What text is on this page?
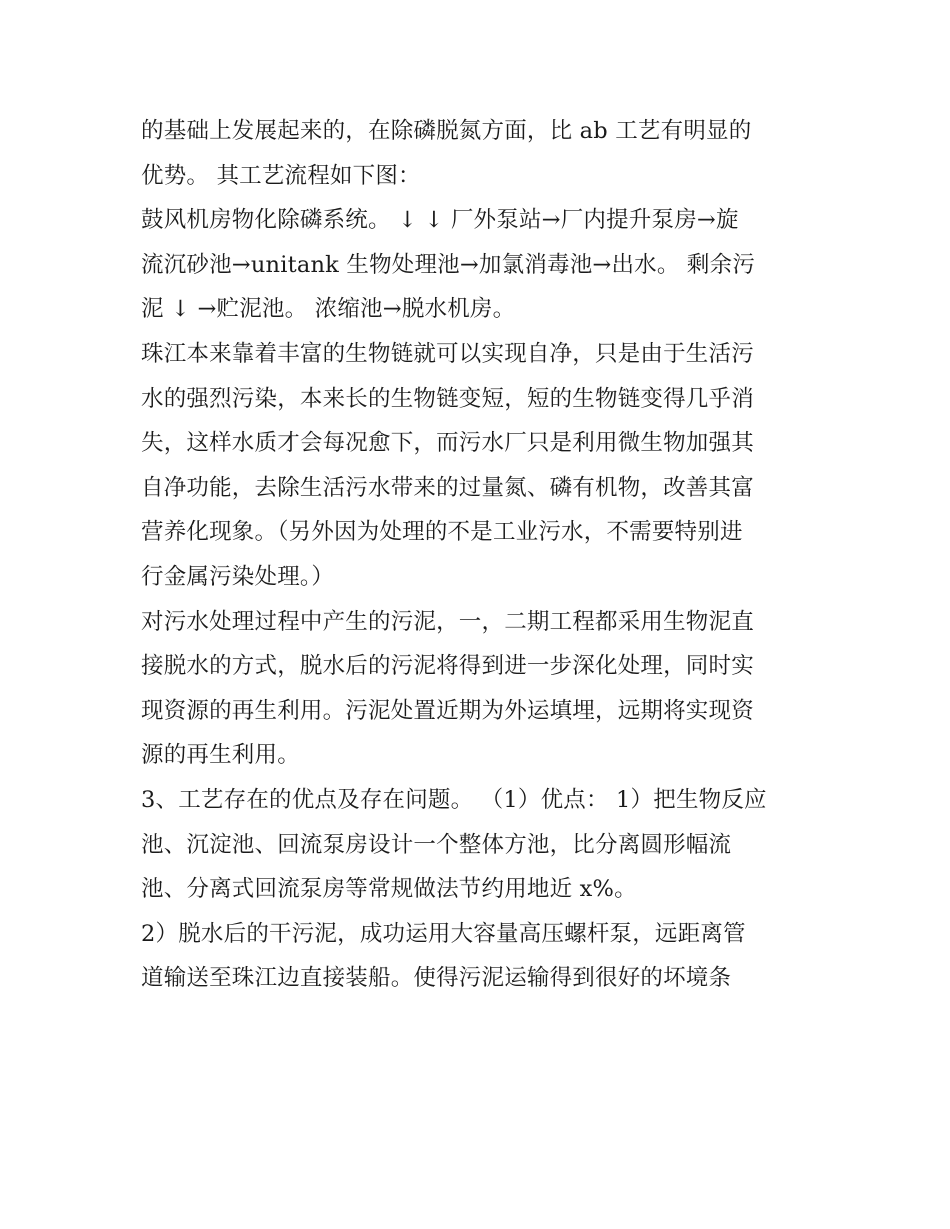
的基础上发展起来的，在除磷脱氮方面，比 ab 工艺有明显的
优势。 其工艺流程如下图：
鼓风机房物化除磷系统。 ↓ ↓ 厂外泵站→厂内提升泵房→旋
流沉砂池→unitank 生物处理池→加氯消毒池→出水。 剩余污
泥 ↓ →贮泥池。 浓缩池→脱水机房。
珠江本来靠着丰富的生物链就可以实现自净，只是由于生活污
水的强烈污染，本来长的生物链变短，短的生物链变得几乎消
失，这样水质才会每况愈下，而污水厂只是利用微生物加强其
自净功能，去除生活污水带来的过量氮、磷有机物，改善其富
营养化现象。（另外因为处理的不是工业污水，不需要特别进
行金属污染处理。）
对污水处理过程中产生的污泥，一，二期工程都采用生物泥直
接脱水的方式，脱水后的污泥将得到进一步深化处理，同时实
现资源的再生利用。污泥处置近期为外运填埋，远期将实现资
源的再生利用。
3、工艺存在的优点及存在问题。 （1）优点： 1）把生物反应
池、沉淀池、回流泵房设计一个整体方池，比分离圆形幅流
池、分离式回流泵房等常规做法节约用地近 x%。
2）脱水后的干污泥，成功运用大容量高压螺杆泵，远距离管
道输送至珠江边直接装船。使得污泥运输得到很好的坏境条
